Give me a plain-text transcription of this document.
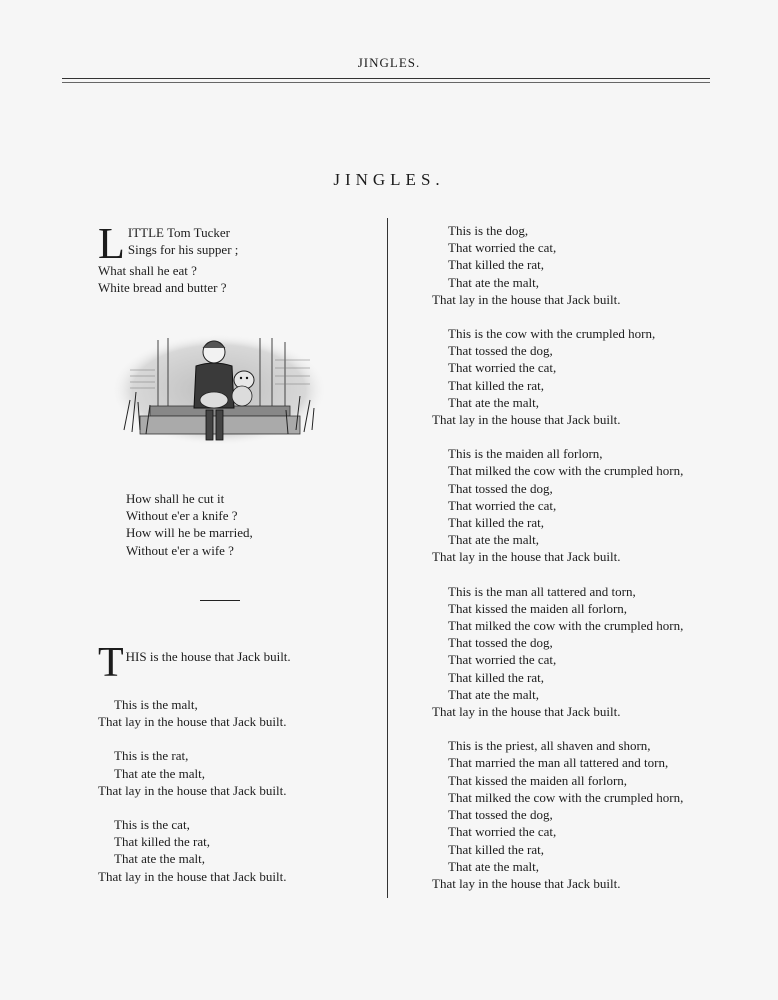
JINGLES.
JINGLES.
L ITTLE Tom Tucker
Sings for his supper ;
What shall he eat ?
White bread and butter ?
How shall he cut it
Without e'er a knife ?
How will he be married,
Without e'er a wife ?
T HIS is the house that Jack built.
This is the malt,
That lay in the house that Jack built.
This is the rat,
That ate the malt,
That lay in the house that Jack built.
This is the cat,
That killed the rat,
That ate the malt,
That lay in the house that Jack built.
This is the dog,
That worried the cat,
That killed the rat,
That ate the malt,
That lay in the house that Jack built.
This is the cow with the crumpled horn,
That tossed the dog,
That worried the cat,
That killed the rat,
That ate the malt,
That lay in the house that Jack built.
This is the maiden all forlorn,
That milked the cow with the crumpled horn,
That tossed the dog,
That worried the cat,
That killed the rat,
That ate the malt,
That lay in the house that Jack built.
This is the man all tattered and torn,
That kissed the maiden all forlorn,
That milked the cow with the crumpled horn,
That tossed the dog,
That worried the cat,
That killed the rat,
That ate the malt,
That lay in the house that Jack built.
This is the priest, all shaven and shorn,
That married the man all tattered and torn,
That kissed the maiden all forlorn,
That milked the cow with the crumpled horn,
That tossed the dog,
That worried the cat,
That killed the rat,
That ate the malt,
That lay in the house that Jack built.
